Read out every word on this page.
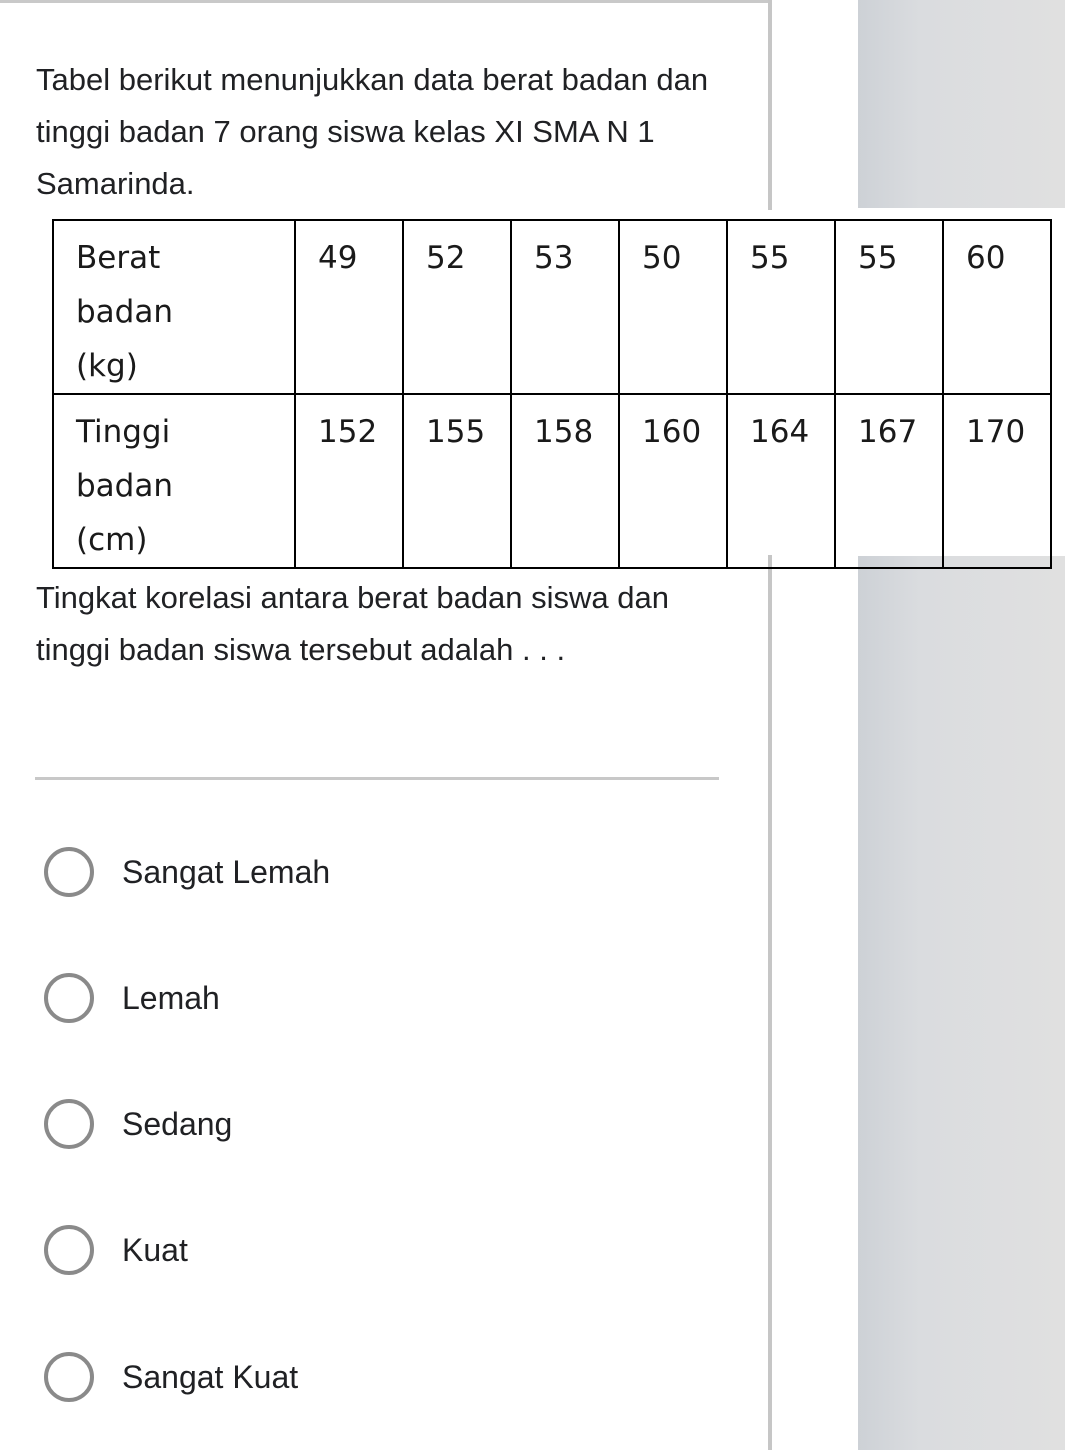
Tabel berikut menunjukkan data berat badan dan tinggi badan 7 orang siswa kelas XI SMA N 1 Samarinda.

Berat
badan
(kg)	49	52	53	50	55	55	60
Tinggi
badan
(cm)	152	155	158	160	164	167	170

Tingkat korelasi antara berat badan siswa dan tinggi badan siswa tersebut adalah . . .

Sangat Lemah
Lemah
Sedang
Kuat
Sangat Kuat
